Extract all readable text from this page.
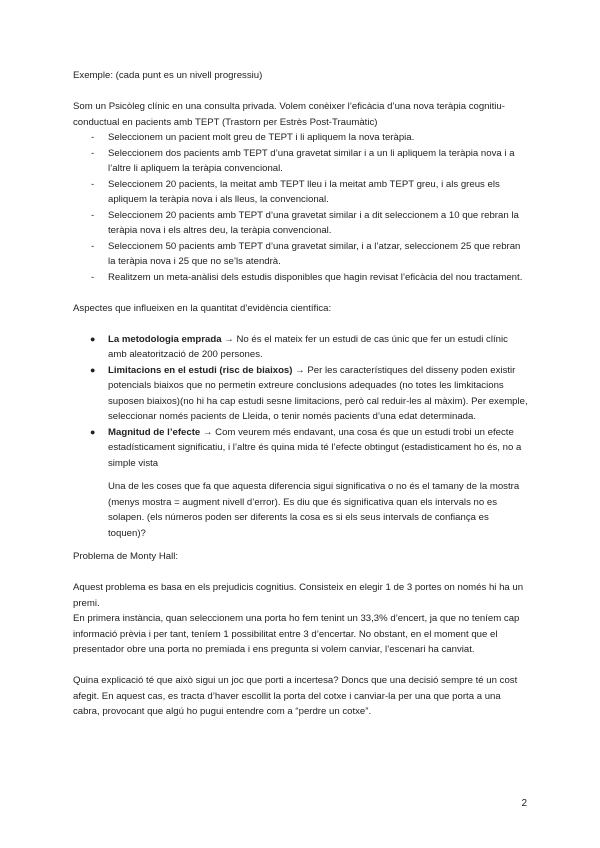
Exemple: (cada punt es un nivell progressiu)

Som un Psicòleg clínic en una consulta privada. Volem conèixer l’eficàcia d’una nova teràpia cognitiu-conductual en pacients amb TEPT (Trastorn per Estrès Post-Traumàtic)

- Seleccionem un pacient molt greu de TEPT i li apliquem la nova teràpia.
- Seleccionem dos pacients amb TEPT d’una gravetat similar i a un li apliquem la teràpia nova i a l’altre li apliquem la teràpia convencional.
- Seleccionem 20 pacients, la meitat amb TEPT lleu i la meitat amb TEPT greu, i als greus els apliquem la teràpia nova i als lleus, la convencional.
- Seleccionem 20 pacients amb TEPT d’una gravetat similar i a dit seleccionem a 10 que rebran la teràpia nova i els altres deu, la teràpia convencional.
- Seleccionem 50 pacients amb TEPT d’una gravetat similar, i a l’atzar, seleccionem 25 que rebran la teràpia nova i 25 que no se’ls atendrà.
- Realitzem un meta-anàlisi dels estudis disponibles que hagin revisat l’eficàcia del nou tractament.

Aspectes que influeixen en la quantitat d’evidència científica:

● La metodologia emprada → No és el mateix fer un estudi de cas únic que fer un estudi clínic amb aleatorització de 200 persones.
● Limitacions en el estudi (risc de biaixos) → Per les característiques del disseny poden existir potencials biaixos que no permetin extreure conclusions adequades (no totes les limkitacions suposen biaixos)(no hi ha cap estudi sesne limitacions, però cal reduir-les al màxim). Per exemple, seleccionar només pacients de Lleida, o tenir només pacients d’una edat determinada.
● Magnitud de l’efecte → Com veurem més endavant, una cosa és que un estudi trobi un efecte estadísticament significatiu, i l’altre és quina mida té l’efecte obtingut (estadisticament ho és, no a simple vista

Una de les coses que fa que aquesta diferencia sigui significativa o no és el tamany de la mostra (menys mostra = augment nivell d’error). Es diu que és significativa quan els intervals no es solapen. (els números poden ser diferents la cosa es si els seus intervals de confiança es toquen)?

Problema de Monty Hall:

Aquest problema es basa en els prejudicis cognitius. Consisteix en elegir 1 de 3 portes on només hi ha un premi.

En primera instància, quan seleccionem una porta ho fem tenint un 33,3% d’encert, ja que no teníem cap informació prèvia i per tant, teníem 1 possibilitat entre 3 d’encertar. No obstant, en el moment que el presentador obre una porta no premiada i ens pregunta si volem canviar, l’escenari ha canviat.

Quina explicació té que això sigui un joc que porti a incertesa? Doncs que una decisió sempre té un cost afegit. En aquest cas, es tracta d’haver escollit la porta del cotxe i canviar-la per una que porta a una cabra, provocant que algú ho pugui entendre com a “perdre un cotxe”.

2
